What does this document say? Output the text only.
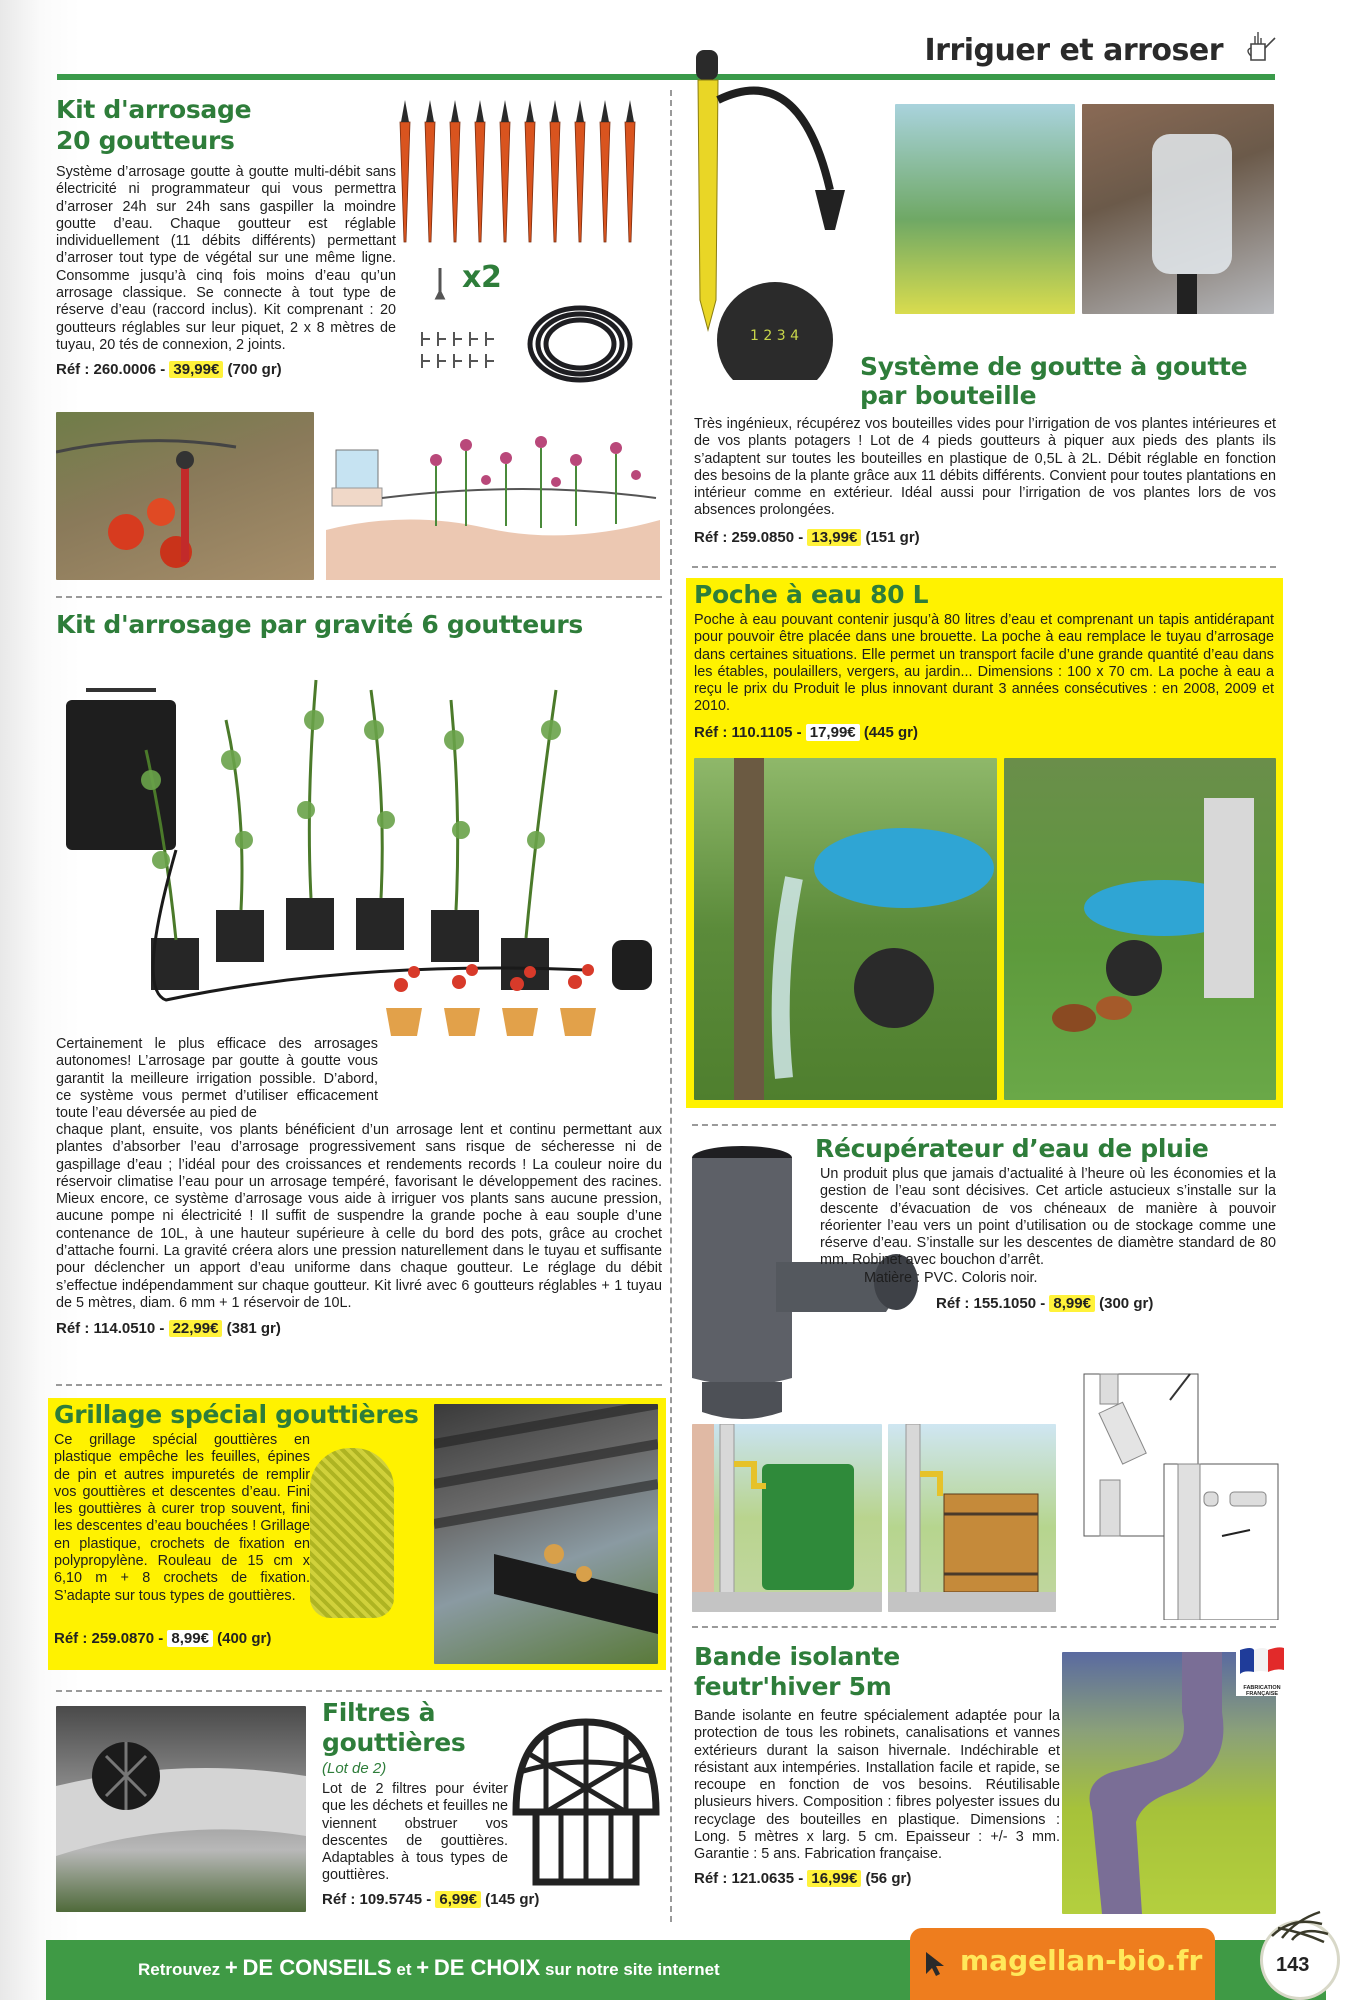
Irriguer et arroser
Kit d'arrosage
20 goutteurs

Système d’arrosage goutte à goutte multi-débit sans électricité ni programmateur qui vous permettra d’arroser 24h sur 24h sans gaspiller la moindre goutte d’eau. Chaque goutteur est réglable individuellement (11 débits différents) permettant d’arroser tout type de végétal sur une même ligne. Consomme jusqu’à cinq fois moins d’eau qu’un arrosage classique. Se connecte à tout type de réserve d’eau (raccord inclus). Kit comprenant : 20 goutteurs réglables sur leur piquet, 2 x 8 mètres de tuyau, 20 tés de connexion, 2 joints.

Réf : 260.0006 - 39,99€ (700 gr)
x2
1 2 3 4
Système de goutte à goutte
par bouteille

Très ingénieux, récupérez vos bouteilles vides pour l’irrigation de vos plantes intérieures et de vos plants potagers ! Lot de 4 pieds goutteurs à piquer aux pieds des plants ils s’adaptent sur toutes les bouteilles en plastique de 0,5L à 2L. Débit réglable en fonction des besoins de la plante grâce aux 11 débits différents. Convient pour toutes plantations en intérieur comme en extérieur. Idéal aussi pour l’irrigation de vos plantes lors de vos absences prolongées.

Réf : 259.0850 - 13,99€ (151 gr)
Poche à eau 80 L

Poche à eau pouvant contenir jusqu’à 80 litres d’eau et comprenant un tapis antidérapant pour pouvoir être placée dans une brouette. La poche à eau remplace le tuyau d’arrosage dans certaines situations. Elle permet un transport facile d’une grande quantité d’eau dans les étables, poulaillers, vergers, au jardin... Dimensions : 100 x 70 cm. La poche à eau a reçu le prix du Produit le plus innovant durant 3 années consécutives : en 2008, 2009 et 2010.

Réf : 110.1105 - 17,99€ (445 gr)
Kit d'arrosage par gravité 6 goutteurs

Certainement le plus efficace des arrosages autonomes! L’arrosage par goutte à goutte vous garantit la meilleure irrigation possible. D’abord, ce système vous permet d’utiliser efficacement toute l’eau déversée au pied de

chaque plant, ensuite, vos plants bénéficient d’un arrosage lent et continu permettant aux plantes d’absorber l’eau d’arrosage progressivement sans risque de sécheresse ni de gaspillage d’eau ; l’idéal pour des croissances et rendements records ! La couleur noire du réservoir climatise l’eau pour un arrosage tempéré, favorisant le développement des racines. Mieux encore, ce système d’arrosage vous aide à irriguer vos plants sans aucune pression, aucune pompe ni électricité ! Il suffit de suspendre la grande poche à eau souple d’une contenance de 10L, à une hauteur supérieure à celle du bord des pots, grâce au crochet d’attache fourni. La gravité créera alors une pression naturellement dans le tuyau et suffisante pour déclencher un apport d’eau uniforme dans chaque goutteur. Le réglage du débit s’effectue indépendamment sur chaque goutteur. Kit livré avec 6 goutteurs réglables + 1 tuyau de 5 mètres, diam. 6 mm + 1 réservoir de 10L.

Réf : 114.0510 - 22,99€ (381 gr)
Récupérateur d’eau de pluie

Un produit plus que jamais d’actualité à l’heure où les économies et la gestion de l’eau sont décisives. Cet article astucieux s’installe sur la descente d’évacuation de vos chéneaux de manière à pouvoir réorienter l’eau vers un point d’utilisation ou de stockage comme une réserve d’eau. S’installe sur les descentes de diamètre standard de 80 mm. Robinet avec bouchon d’arrêt.

Matière : PVC. Coloris noir.

Réf : 155.1050 - 8,99€ (300 gr)
Grillage spécial gouttières

Ce grillage spécial gouttières en plastique empêche les feuilles, épines de pin et autres impuretés de remplir vos gouttières et descentes d’eau. Fini les gouttières à curer trop souvent, fini les descentes d’eau bouchées ! Grillage en plastique, crochets de fixation en polypropylène. Rouleau de 15 cm x 6,10 m + 8 crochets de fixation. S’adapte sur tous types de gouttières.

Réf : 259.0870 - 8,99€ (400 gr)
Filtres à
gouttières
(Lot de 2)

Lot de 2 filtres pour éviter que les déchets et feuilles ne viennent obstruer vos descentes de gouttières. Adaptables à tous types de gouttières.

Réf : 109.5745 - 6,99€ (145 gr)
Bande isolante
feutr'hiver 5m

Bande isolante en feutre spécialement adaptée pour la protection de tous les robinets, canalisations et vannes extérieurs durant la saison hivernale. Indéchirable et résistant aux intempéries. Installation facile et rapide, se recoupe en fonction de vos besoins. Réutilisable plusieurs hivers. Composition : fibres polyester issues du recyclage des bouteilles en plastique. Dimensions : Long. 5 mètres x larg. 5 cm. Epaisseur : +/- 3 mm. Garantie : 5 ans. Fabrication française.

Réf : 121.0635 - 16,99€ (56 gr)
FABRICATION FRANÇAISE
Retrouvez + DE CONSEILS et + DE CHOIX sur notre site internet	magellan-bio.fr	143
